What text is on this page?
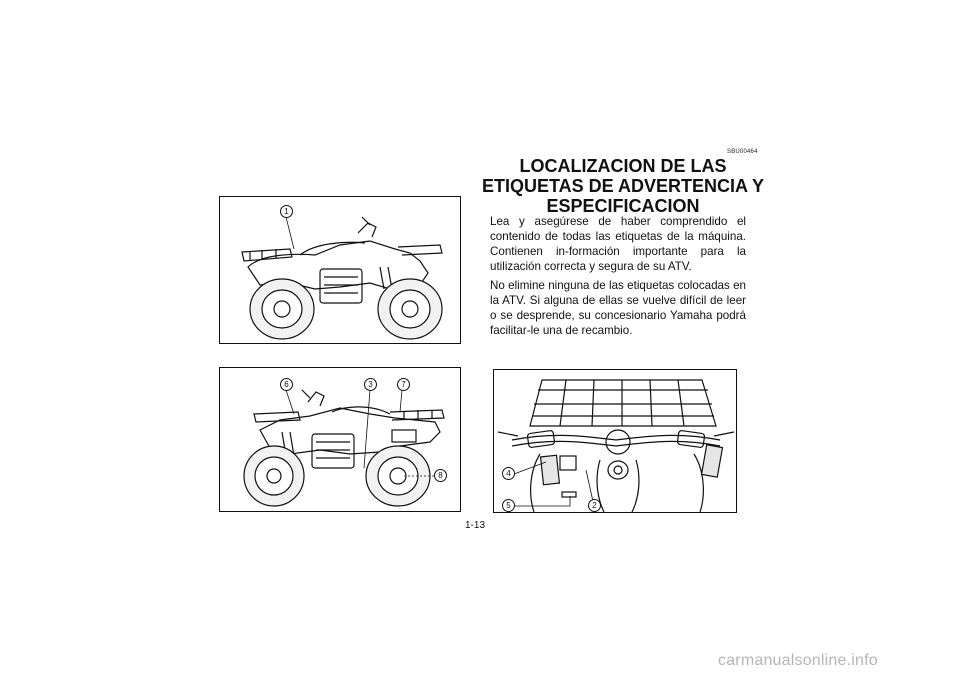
SBU00464
LOCALIZACION DE LAS
ETIQUETAS DE ADVERTENCIA Y
ESPECIFICACION

Lea y asegúrese de haber comprendido el contenido de todas las etiquetas de la máquina. Contienen in-formación importante para la utilización correcta y segura de su ATV.

No elimine ninguna de las etiquetas colocadas en la ATV. Si alguna de ellas se vuelve difícil de leer o se desprende, su concesionario Yamaha podrá facilitar-le una de recambio.

1
6	3	7
8	4
5	2
1-13
carmanualsonline.info
